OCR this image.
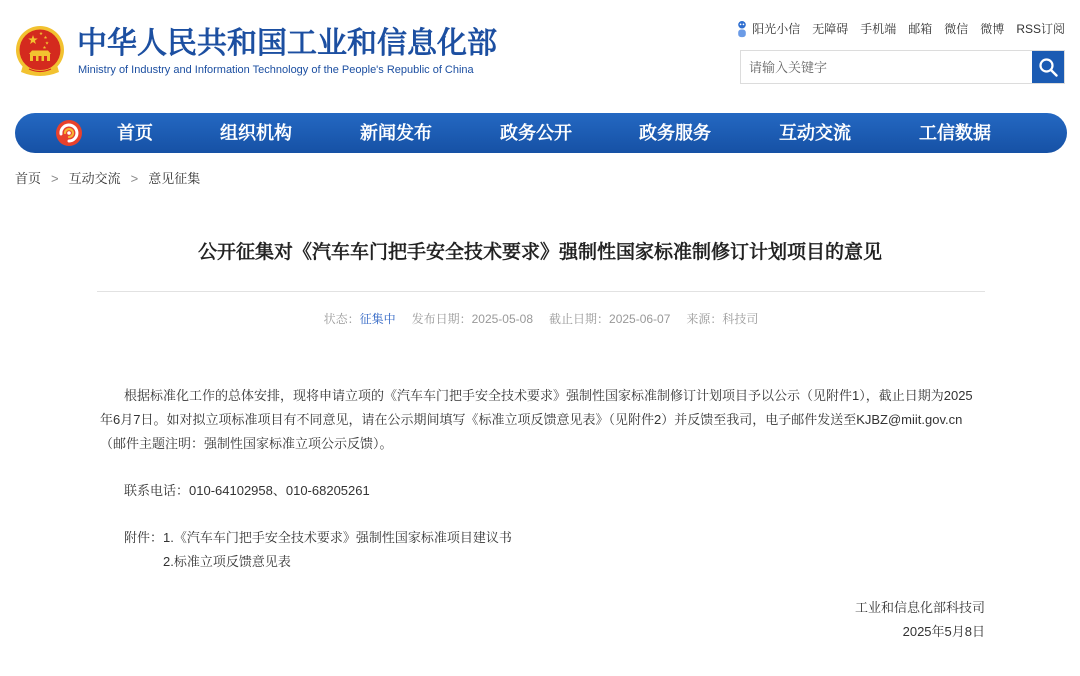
中华人民共和国工业和信息化部
Ministry of Industry and Information Technology of the People's Republic of China
阳光小信 无障碍 手机端 邮箱 微信 微博 RSS订阅
请输入关键字
首页	组织机构	新闻发布	政务公开	政务服务	互动交流	工信数据
首页 > 互动交流 > 意见征集
公开征集对《汽车车门把手安全技术要求》强制性国家标准制修订计划项目的意见
状态：征集中 发布日期：2025-05-08 截止日期：2025-06-07 来源：科技司

根据标准化工作的总体安排，现将申请立项的《汽车车门把手安全技术要求》强制性国家标准制修订计划项目予以公示（见附件1），截止日期为2025年6月7日。如对拟立项标准项目有不同意见，请在公示期间填写《标准立项反馈意见表》（见附件2）并反馈至我司，电子邮件发送至KJBZ@miit.gov.cn（邮件主题注明：强制性国家标准立项公示反馈）。

联系电话：010-64102958、010-68205261
附件： 1.《汽车车门把手安全技术要求》强制性国家标准项目建议书
2.标准立项反馈意见表
工业和信息化部科技司
2025年5月8日
